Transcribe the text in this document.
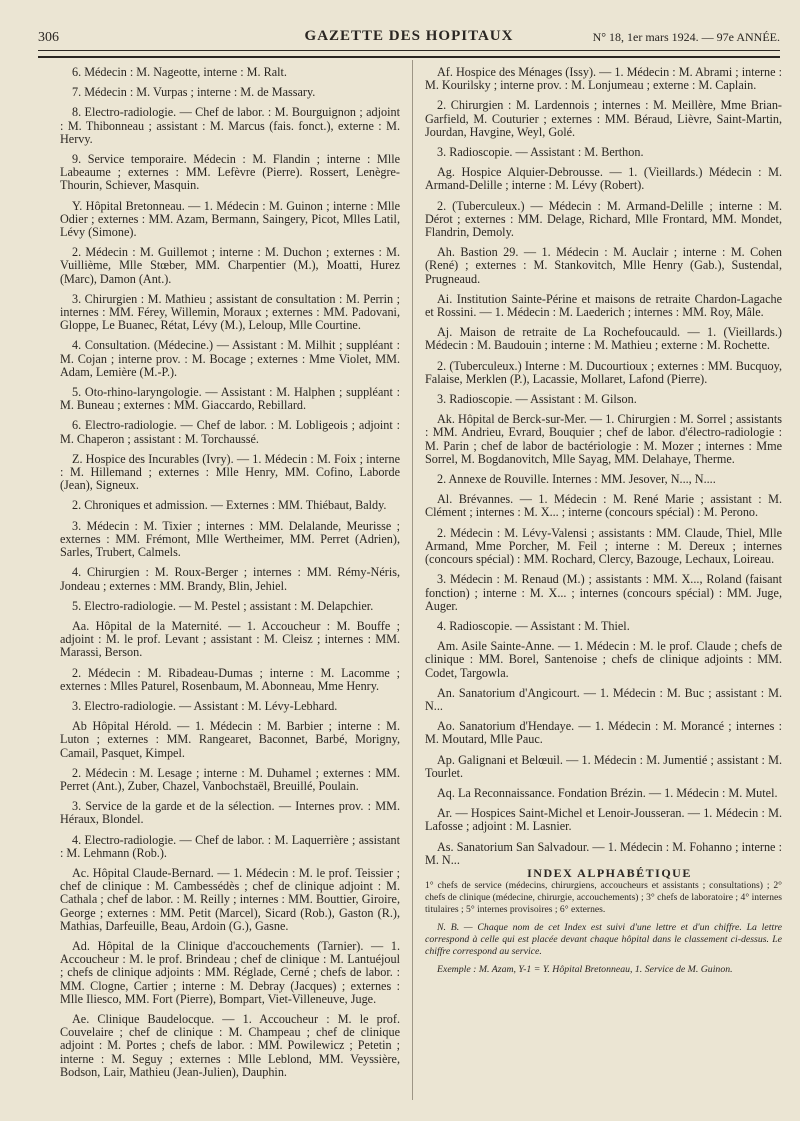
306	GAZETTE DES HOPITAUX	N° 18, 1er mars 1924. — 97e ANNÉE.

6. Médecin : M. Nageotte, interne : M. Ralt.

7. Médecin : M. Vurpas ; interne : M. de Massary.

8. Electro-radiologie. — Chef de labor. : M. Bourguignon ; adjoint : M. Thibonneau ; assistant : M. Marcus (fais. fonct.), externe : M. Hervy.

9. Service temporaire. Médecin : M. Flandin ; interne : Mlle Labeaume ; externes : MM. Lefèvre (Pierre). Rossert, Lenègre-Thourin, Schiever, Masquin.

Y. Hôpital Bretonneau. — 1. Médecin : M. Guinon ; interne : Mlle Odier ; externes : MM. Azam, Bermann, Saingery, Picot, Mlles Latil, Lévy (Simone).

2. Médecin : M. Guillemot ; interne : M. Duchon ; externes : M. Vuillième, Mlle Stœber, MM. Charpentier (M.), Moatti, Hurez (Marc), Damon (Ant.).

3. Chirurgien : M. Mathieu ; assistant de consultation : M. Perrin ; internes : MM. Férey, Willemin, Moraux ; externes : MM. Padovani, Gloppe, Le Buanec, Rétat, Lévy (M.), Leloup, Mlle Courtine.

4. Consultation. (Médecine.) — Assistant : M. Milhit ; suppléant : M. Cojan ; interne prov. : M. Bocage ; externes : Mme Violet, MM. Adam, Lemière (M.-P.).

5. Oto-rhino-laryngologie. — Assistant : M. Halphen ; suppléant : M. Buneau ; externes : MM. Giaccardo, Rebillard.

6. Electro-radiologie. — Chef de labor. : M. Lobligeois ; adjoint : M. Chaperon ; assistant : M. Torchaussé.

Z. Hospice des Incurables (Ivry). — 1. Médecin : M. Foix ; interne : M. Hillemand ; externes : Mlle Henry, MM. Cofino, Laborde (Jean), Signeux.

2. Chroniques et admission. — Externes : MM. Thiébaut, Baldy.

3. Médecin : M. Tixier ; internes : MM. Delalande, Meurisse ; externes : MM. Frémont, Mlle Wertheimer, MM. Perret (Adrien), Sarles, Trubert, Calmels.

4. Chirurgien : M. Roux-Berger ; internes : MM. Rémy-Néris, Jondeau ; externes : MM. Brandy, Blin, Jehiel.

5. Electro-radiologie. — M. Pestel ; assistant : M. Delapchier.

Aa. Hôpital de la Maternité. — 1. Accoucheur : M. Bouffe ; adjoint : M. le prof. Levant ; assistant : M. Cleisz ; internes : MM. Marassi, Berson.

2. Médecin : M. Ribadeau-Dumas ; interne : M. Lacomme ; externes : Mlles Paturel, Rosenbaum, M. Abonneau, Mme Henry.

3. Electro-radiologie. — Assistant : M. Lévy-Lebhard.

Ab Hôpital Hérold. — 1. Médecin : M. Barbier ; interne : M. Luton ; externes : MM. Rangearet, Baconnet, Barbé, Morigny, Camail, Pasquet, Kimpel.

2. Médecin : M. Lesage ; interne : M. Duhamel ; externes : MM. Perret (Ant.), Zuber, Chazel, Vanbochstaël, Breuillé, Poulain.

3. Service de la garde et de la sélection. — Internes prov. : MM. Héraux, Blondel.

4. Electro-radiologie. — Chef de labor. : M. Laquerrière ; assistant : M. Lehmann (Rob.).

Ac. Hôpital Claude-Bernard. — 1. Médecin : M. le prof. Teissier ; chef de clinique : M. Cambessédès ; chef de clinique adjoint : M. Cathala ; chef de labor. : M. Reilly ; internes : MM. Bouttier, Giroire, George ; externes : MM. Petit (Marcel), Sicard (Rob.), Gaston (R.), Mathias, Darfeuille, Beau, Ardoin (G.), Gasne.

Ad. Hôpital de la Clinique d'accouchements (Tarnier). — 1. Accoucheur : M. le prof. Brindeau ; chef de clinique : M. Lantuéjoul ; chefs de clinique adjoints : MM. Réglade, Cerné ; chefs de labor. : MM. Clogne, Cartier ; interne : M. Debray (Jacques) ; externes : Mlle Iliesco, MM. Fort (Pierre), Bompart, Viet-Villeneuve, Juge.

Ae. Clinique Baudelocque. — 1. Accoucheur : M. le prof. Couvelaire ; chef de clinique : M. Champeau ; chef de clinique adjoint : M. Portes ; chefs de labor. : MM. Powilewicz ; Petetin ; interne : M. Seguy ; externes : Mlle Leblond, MM. Veyssière, Bodson, Lair, Mathieu (Jean-Julien), Dauphin.

Af. Hospice des Ménages (Issy). — 1. Médecin : M. Abrami ; interne : M. Kourilsky ; interne prov. : M. Lonjumeau ; externe : M. Caplain.

2. Chirurgien : M. Lardennois ; internes : M. Meillère, Mme Brian-Garfield, M. Couturier ; externes : MM. Béraud, Lièvre, Saint-Martin, Jourdan, Havgine, Weyl, Golé.

3. Radioscopie. — Assistant : M. Berthon.

Ag. Hospice Alquier-Debrousse. — 1. (Vieillards.) Médecin : M. Armand-Delille ; interne : M. Lévy (Robert).

2. (Tuberculeux.) — Médecin : M. Armand-Delille ; interne : M. Dérot ; externes : MM. Delage, Richard, Mlle Frontard, MM. Mondet, Flandrin, Demoly.

Ah. Bastion 29. — 1. Médecin : M. Auclair ; interne : M. Cohen (René) ; externes : M. Stankovitch, Mlle Henry (Gab.), Sustendal, Prugneaud.

Ai. Institution Sainte-Périne et maisons de retraite Chardon-Lagache et Rossini. — 1. Médecin : M. Laederich ; internes : MM. Roy, Mâle.

Aj. Maison de retraite de La Rochefoucauld. — 1. (Vieillards.) Médecin : M. Baudouin ; interne : M. Mathieu ; externe : M. Rochette.

2. (Tuberculeux.) Interne : M. Ducourtioux ; externes : MM. Bucquoy, Falaise, Merklen (P.), Lacassie, Mollaret, Lafond (Pierre).

3. Radioscopie. — Assistant : M. Gilson.

Ak. Hôpital de Berck-sur-Mer. — 1. Chirurgien : M. Sorrel ; assistants : MM. Andrieu, Evrard, Bouquier ; chef de labor. d'électro-radiologie : M. Parin ; chef de labor de bactériologie : M. Mozer ; internes : Mme Sorrel, M. Bogdanovitch, Mlle Sayag, MM. Delahaye, Therme.

2. Annexe de Rouville. Internes : MM. Jesover, N..., N....

Al. Brévannes. — 1. Médecin : M. René Marie ; assistant : M. Clément ; internes : M. X... ; interne (concours spécial) : M. Perono.

2. Médecin : M. Lévy-Valensi ; assistants : MM. Claude, Thiel, Mlle Armand, Mme Porcher, M. Feil ; interne : M. Dereux ; internes (concours spécial) : MM. Rochard, Clercy, Bazouge, Lechaux, Loireau.

3. Médecin : M. Renaud (M.) ; assistants : MM. X..., Roland (faisant fonction) ; interne : M. X... ; internes (concours spécial) : MM. Juge, Auger.

4. Radioscopie. — Assistant : M. Thiel.

Am. Asile Sainte-Anne. — 1. Médecin : M. le prof. Claude ; chefs de clinique : MM. Borel, Santenoise ; chefs de clinique adjoints : MM. Codet, Targowla.

An. Sanatorium d'Angicourt. — 1. Médecin : M. Buc ; assistant : M. N...

Ao. Sanatorium d'Hendaye. — 1. Médecin : M. Morancé ; internes : M. Moutard, Mlle Pauc.

Ap. Galignani et Belœuil. — 1. Médecin : M. Jumentié ; assistant : M. Tourlet.

Aq. La Reconnaissance. Fondation Brézin. — 1. Médecin : M. Mutel.

Ar. — Hospices Saint-Michel et Lenoir-Jousseran. — 1. Médecin : M. Lafosse ; adjoint : M. Lasnier.

As. Sanatorium San Salvadour. — 1. Médecin : M. Fohanno ; interne : M. N...

INDEX ALPHABÉTIQUE

1° chefs de service (médecins, chirurgiens, accoucheurs et assistants ; consultations) ; 2° chefs de clinique (médecine, chirurgie, accouchements) ; 3° chefs de laboratoire ; 4° internes titulaires ; 5° internes provisoires ; 6° externes.

N. B. — Chaque nom de cet Index est suivi d'une lettre et d'un chiffre. La lettre correspond à celle qui est placée devant chaque hôpital dans le classement ci-dessus. Le chiffre correspond au service.

Exemple : M. Azam, Y-1 = Y. Hôpital Bretonneau, 1. Service de M. Guinon.
